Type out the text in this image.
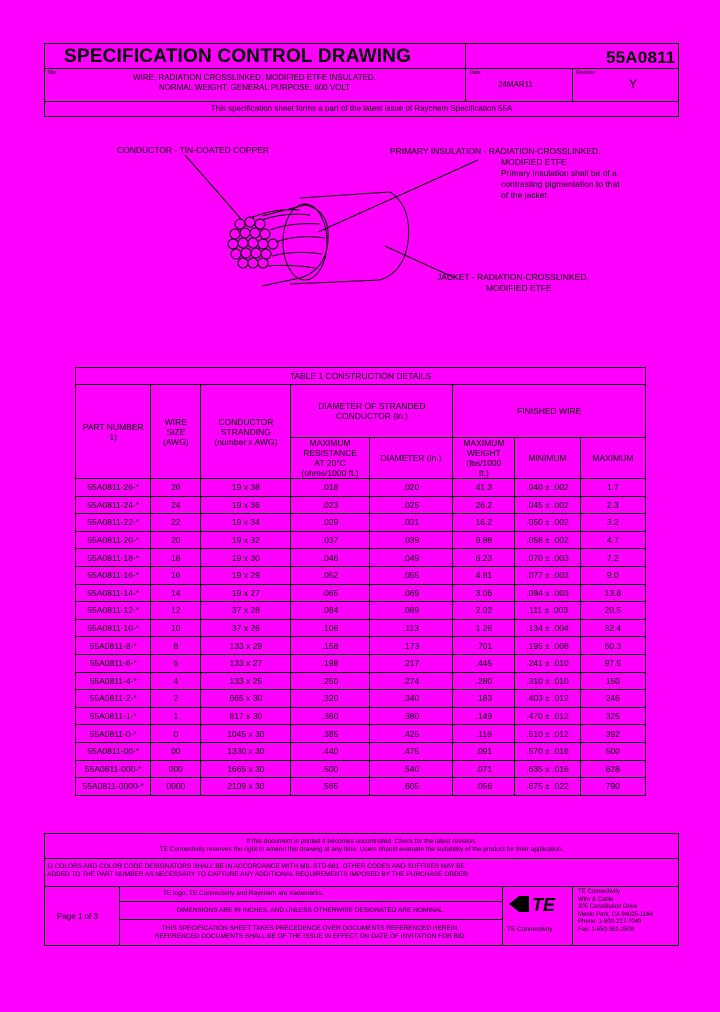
SPECIFICATION CONTROL DRAWING	55A0811
Title	WIRE, RADIATION CROSSLINKED, MODIFIED ETFE INSULATED,
NORMAL WEIGHT, GENERAL PURPOSE, 600 VOLT
Date
24MAR11
Revision
Y
This specification sheet forms a part of the latest issue of Raychem Specification 55A
CONDUCTOR - TIN-COATED COPPER	PRIMARY INSULATION - RADIATION-CROSSLINKED,
MODIFIED ETFE
Primary insulation shall be of a
contrasting pigmentation to that
of the jacket.
JACKET - RADIATION-CROSSLINKED,
MODIFIED ETFE
TABLE 1 CONSTRUCTION DETAILS							

PART NUMBER
1)	WIRE SIZE (AWG)	CONDUCTOR STRANDING (number x AWG)	DIAMETER OF STRANDED CONDUCTOR (in.)		FINISHED WIRE		
			MAXIMUM RESISTANCE AT 20°C (ohms/1000 ft.)	DIAMETER (in.)	MAXIMUM WEIGHT (lbs/1000 ft.)		
						MINIMUM	MAXIMUM
55A0811-26-*	26	19 x 38	.018	.020	41.3	.040 ± .002	1.7
55A0811-24-*	24	19 x 36	.023	.025	26.2	.045 ± .002	2.3
55A0811-22-*	22	19 x 34	.029	.031	16.2	.050 ± .002	3.2
55A0811-20-*	20	19 x 32	.037	.039	9.88	.058 ± .002	4.7
55A0811-18-*	18	19 x 30	.046	.049	6.23	.070 ± .003	7.2
55A0811-16-*	16	19 x 29	.052	.055	4.81	.077 ± .003	9.0
55A0811-14-*	14	19 x 27	.065	.069	3.06	.094 ± .003	13.8
55A0811-12-*	12	37 x 28	.084	.089	2.02	.111 ± .003	20.5
55A0811-10-*	10	37 x 26	.106	.113	1.26	.134 ± .004	32.4
55A0811-8-*	8	133 x 29	.158	.173	.701	.195 ± .008	60.3
55A0811-6-*	6	133 x 27	.198	.217	.445	.241 ± .010	97.5
55A0811-4-*	4	133 x 25	.250	.274	.280	.310 ± .010	150
55A0811-2-*	2	665 x 30	.320	.340	.183	.403 ± .012	246
55A0811-1-*	1	817 x 30	.360	.380	.149	.470 ± .012	325
55A0811-0-*	0	1045 x 30	.385	.425	.116	.510 ± .012	392
55A0811-00-*	00	1330 x 30	.440	.475	.091	.570 ± .016	500
55A0811-000-*	000	1665 x 30	.500	.540	.071	.635 ± .016	628
55A0811-0000-*	0000	2109 x 30	.565	.605	.056	.675 ± .022	790
If this document is printed it becomes uncontrolled. Check for the latest revision.
TE Connectivity reserves the right to amend this drawing at any time. Users should evaluate the suitability of the product for their application.
1) COLORS AND COLOR CODE DESIGNATORS SHALL BE IN ACCORDANCE WITH MIL-STD-681. OTHER CODES AND SUFFIXES MAY BE
ADDED TO THE PART NUMBER AS NECESSARY TO CAPTURE ANY ADDITIONAL REQUIREMENTS IMPOSED BY THE PURCHASE ORDER.
Page 1 of 3
TE logo, TE Connectivity and Raychem are trademarks.
DIMENSIONS ARE IN INCHES, AND UNLESS OTHERWISE DESIGNATED ARE NOMINAL.
THIS SPECIFICATION SHEET TAKES PRECEDENCE OVER DOCUMENTS REFERENCED HEREIN.
REFERENCED DOCUMENTS SHALL BE OF THE ISSUE IN EFFECT ON DATE OF INVITATION FOR BID.
TE
TE Connectivity
TE Connectivity
Wire & Cable
305 Constitution Drive
Menlo Park, CA 94025-1164
Phone: 1-800-227-7040
Fax: 1-650-361-2508
